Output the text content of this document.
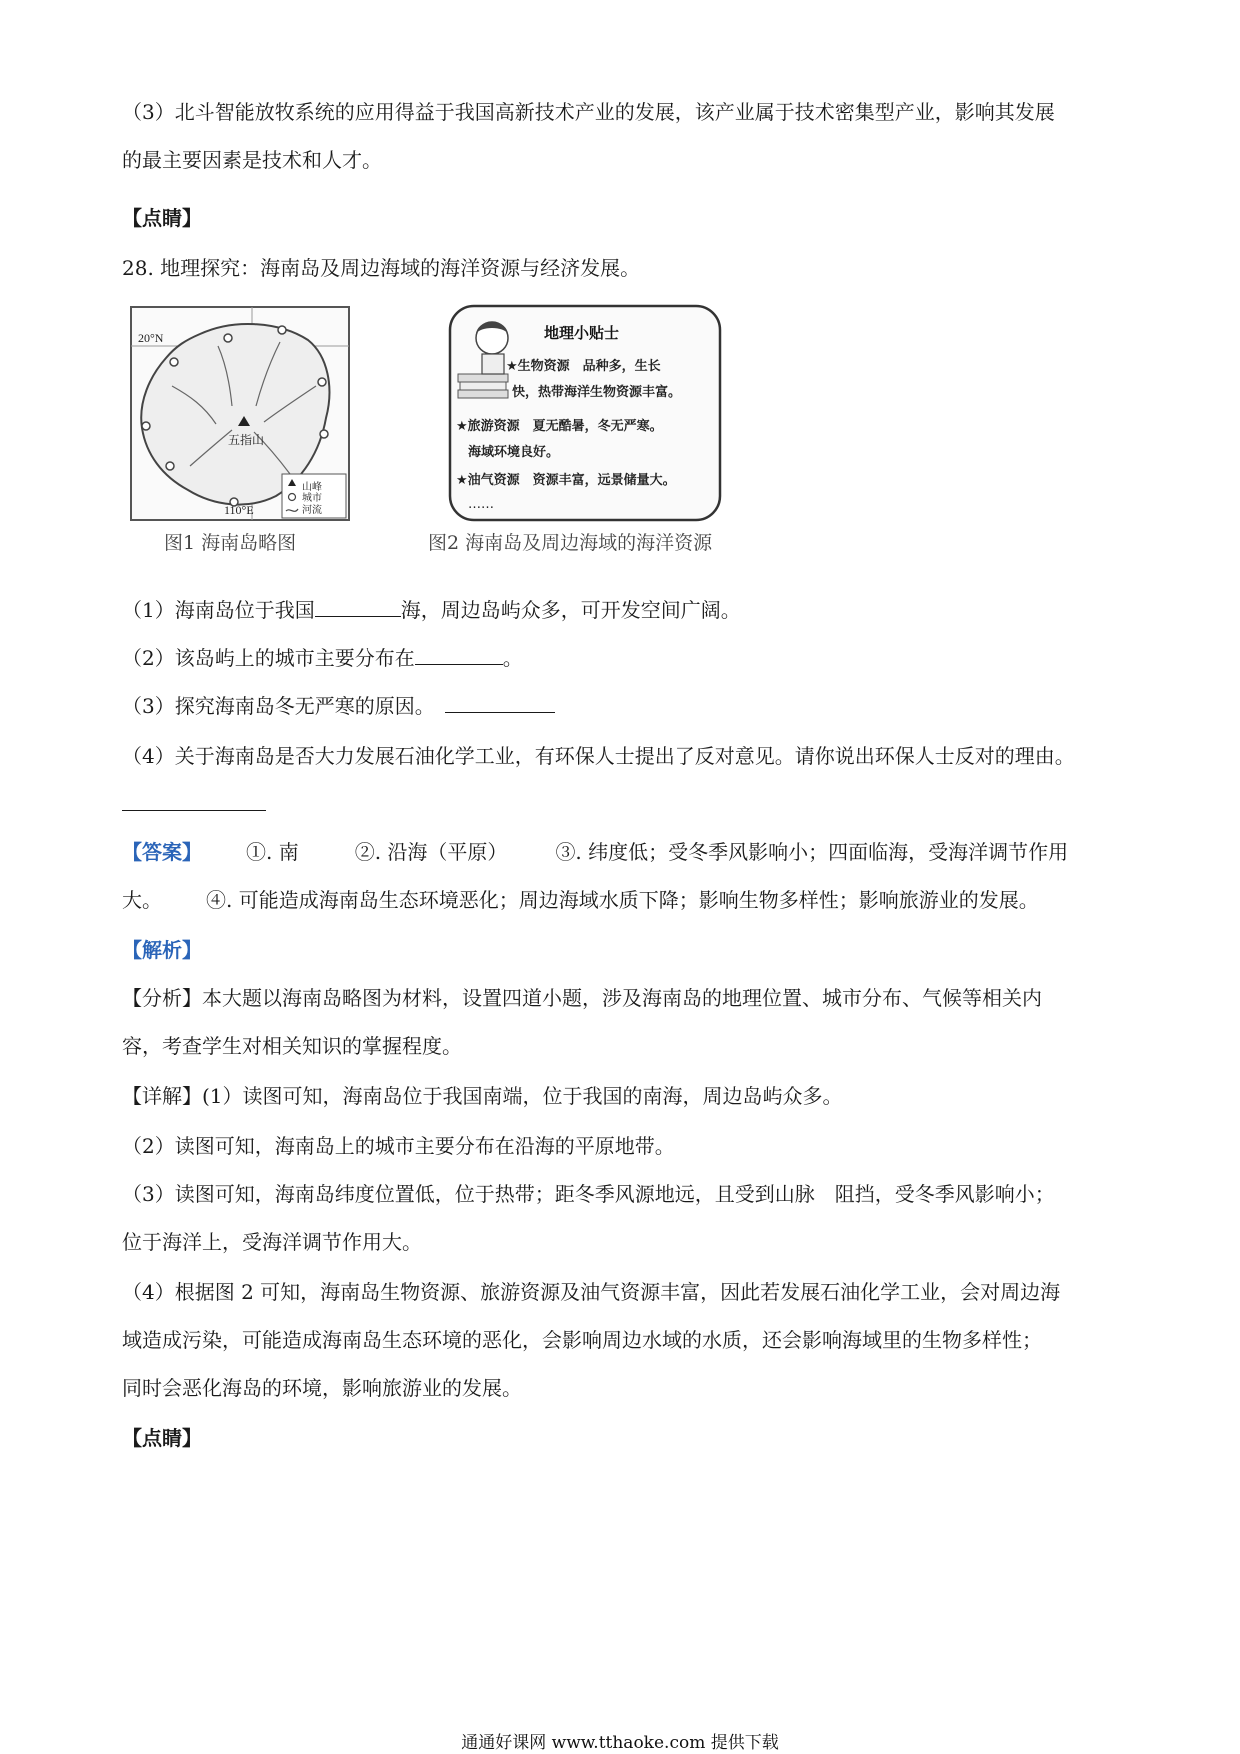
（3）北斗智能放牧系统的应用得益于我国高新技术产业的发展，该产业属于技术密集型产业，影响其发展
的最主要因素是技术和人才。
【点睛】
28. 地理探究：海南岛及周边海域的海洋资源与经济发展。
20°N
110°E
五指山
山峰
城市
河流
图1 海南岛略图
地理小贴士
★生物资源　品种多，生长
快，热带海洋生物资源丰富。
★旅游资源　夏无酷暑，冬无严寒。
海域环境良好。
★油气资源　资源丰富，远景储量大。
……
图2 海南岛及周边海域的海洋资源
（1）海南岛位于我国	海，周边岛屿众多，可开发空间广阔。
（2）该岛屿上的城市主要分布在	。
（3）探究海南岛冬无严寒的原因。
（4）关于海南岛是否大力发展石油化学工业，有环保人士提出了反对意见。请你说出环保人士反对的理由。
【答案】 ①. 南	②. 沿海（平原） ③. 纬度低；受冬季风影响小；四面临海，受海洋调节作用
大。 ④. 可能造成海南岛生态环境恶化；周边海域水质下降；影响生物多样性；影响旅游业的发展。
【解析】
【分析】本大题以海南岛略图为材料，设置四道小题，涉及海南岛的地理位置、城市分布、气候等相关内
容，考查学生对相关知识的掌握程度。
【详解】(1）读图可知，海南岛位于我国南端，位于我国的南海，周边岛屿众多。
（2）读图可知，海南岛上的城市主要分布在沿海的平原地带。
（3）读图可知，海南岛纬度位置低，位于热带；距冬季风源地远，且受到山脉　阻挡，受冬季风影响小；
位于海洋上，受海洋调节作用大。
（4）根据图 2 可知，海南岛生物资源、旅游资源及油气资源丰富，因此若发展石油化学工业，会对周边海
域造成污染，可能造成海南岛生态环境的恶化，会影响周边水域的水质，还会影响海域里的生物多样性；
同时会恶化海岛的环境，影响旅游业的发展。
【点睛】
通通好课网 www.tthaoke.com 提供下载
